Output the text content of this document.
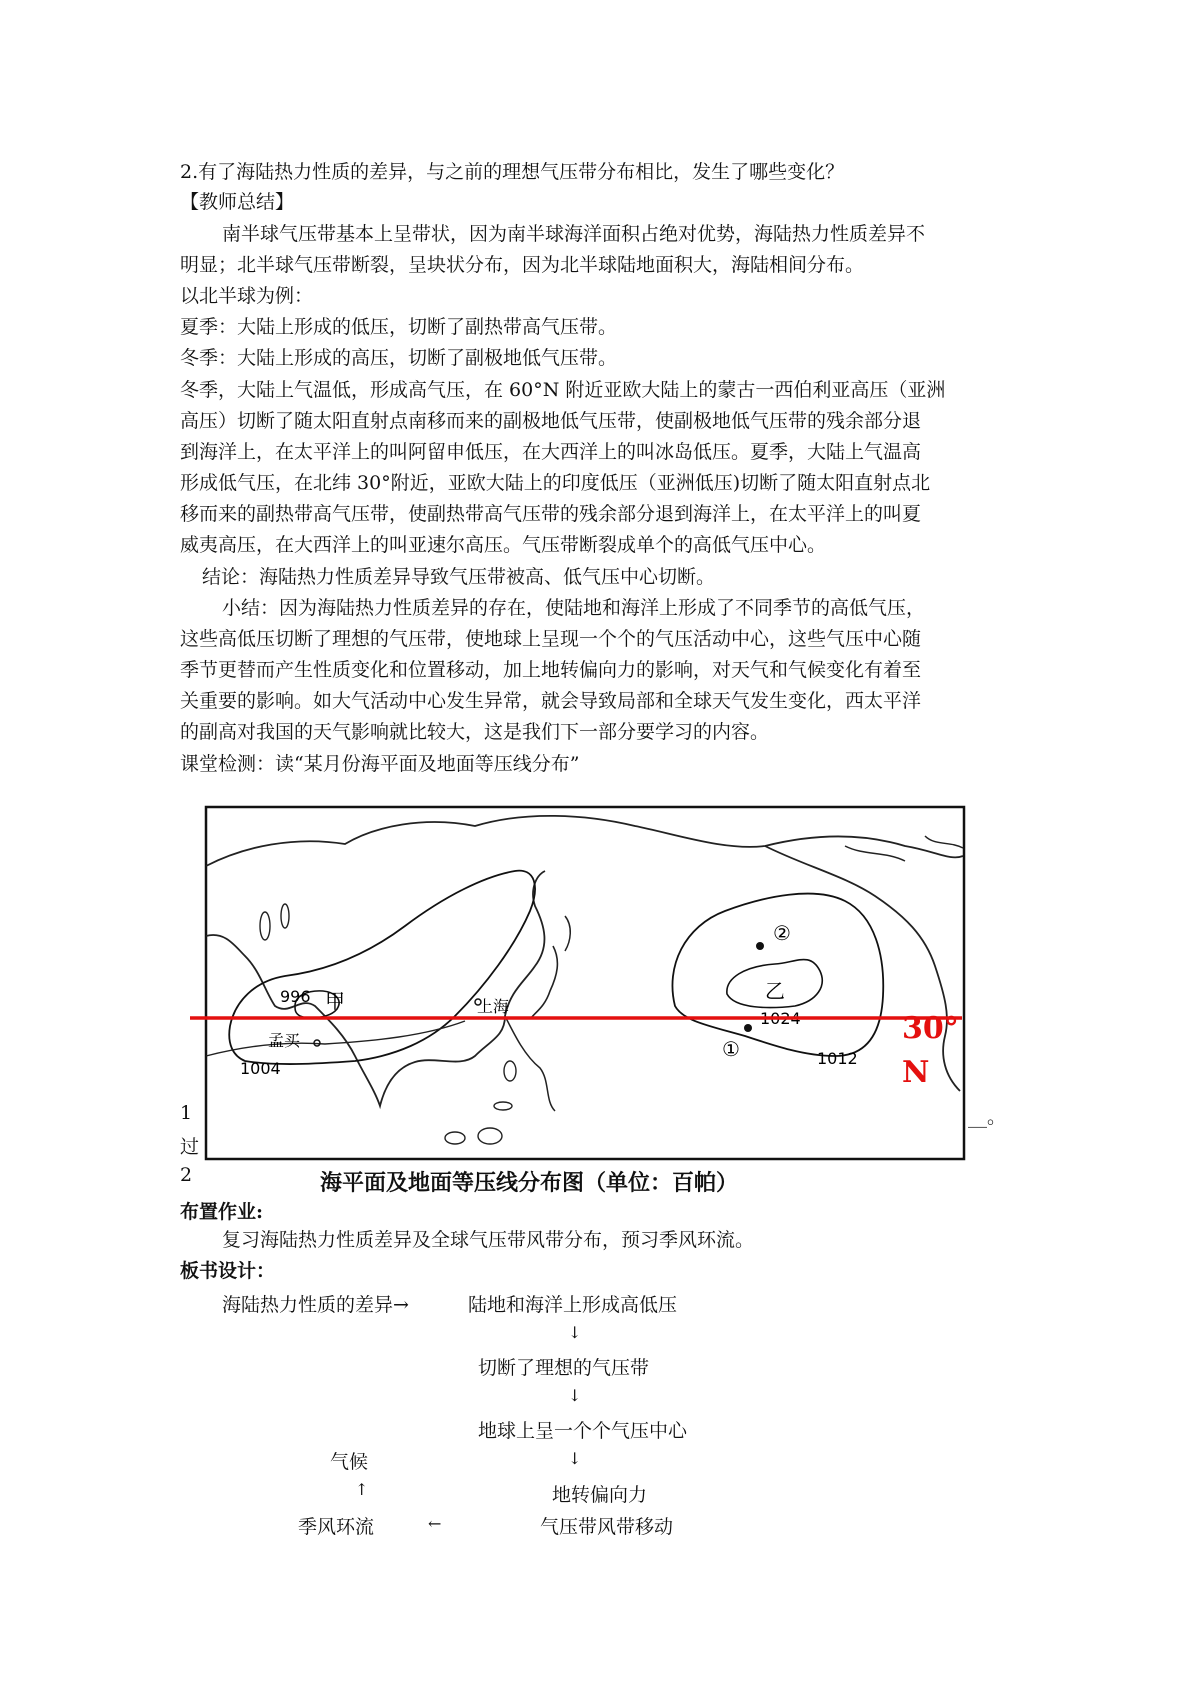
2.有了海陆热力性质的差异，与之前的理想气压带分布相比，发生了哪些变化？
【教师总结】
南半球气压带基本上呈带状，因为南半球海洋面积占绝对优势，海陆热力性质差异不
明显；北半球气压带断裂，呈块状分布，因为北半球陆地面积大，海陆相间分布。
以北半球为例：
夏季：大陆上形成的低压，切断了副热带高气压带。
冬季：大陆上形成的高压，切断了副极地低气压带。
冬季，大陆上气温低，形成高气压，在 60°N 附近亚欧大陆上的蒙古一西伯利亚高压（亚洲
高压）切断了随太阳直射点南移而来的副极地低气压带，使副极地低气压带的残余部分退
到海洋上，在太平洋上的叫阿留申低压，在大西洋上的叫冰岛低压。夏季，大陆上气温高
形成低气压，在北纬 30°附近，亚欧大陆上的印度低压（亚洲低压)切断了随太阳直射点北
移而来的副热带高气压带，使副热带高气压带的残余部分退到海洋上，在太平洋上的叫夏
威夷高压，在大西洋上的叫亚速尔高压。气压带断裂成单个的高低气压中心。
结论：海陆热力性质差异导致气压带被高、低气压中心切断。
小结：因为海陆热力性质差异的存在，使陆地和海洋上形成了不同季节的高低气压，
这些高低压切断了理想的气压带，使地球上呈现一个个的气压活动中心，这些气压中心随
季节更替而产生性质变化和位置移动，加上地转偏向力的影响，对天气和气候变化有着至
关重要的影响。如大气活动中心发生异常，就会导致局部和全球天气发生变化，西太平洋
的副高对我国的天气影响就比较大，这是我们下一部分要学习的内容。
课堂检测：读“某月份海平面及地面等压线分布”
1
过
2
__。
布置作业:
996 甲	上海
孟买
1004
乙
1024
②
①	1012
30°
N
海平面及地面等压线分布图（单位：百帕）
复习海陆热力性质差异及全球气压带风带分布，预习季风环流。
板书设计：
海陆热力性质的差异→	陆地和海洋上形成高低压
↓
切断了理想的气压带
↓
地球上呈一个个气压中心
↓
气候
↑	地转偏向力
季风环流	←	气压带风带移动
